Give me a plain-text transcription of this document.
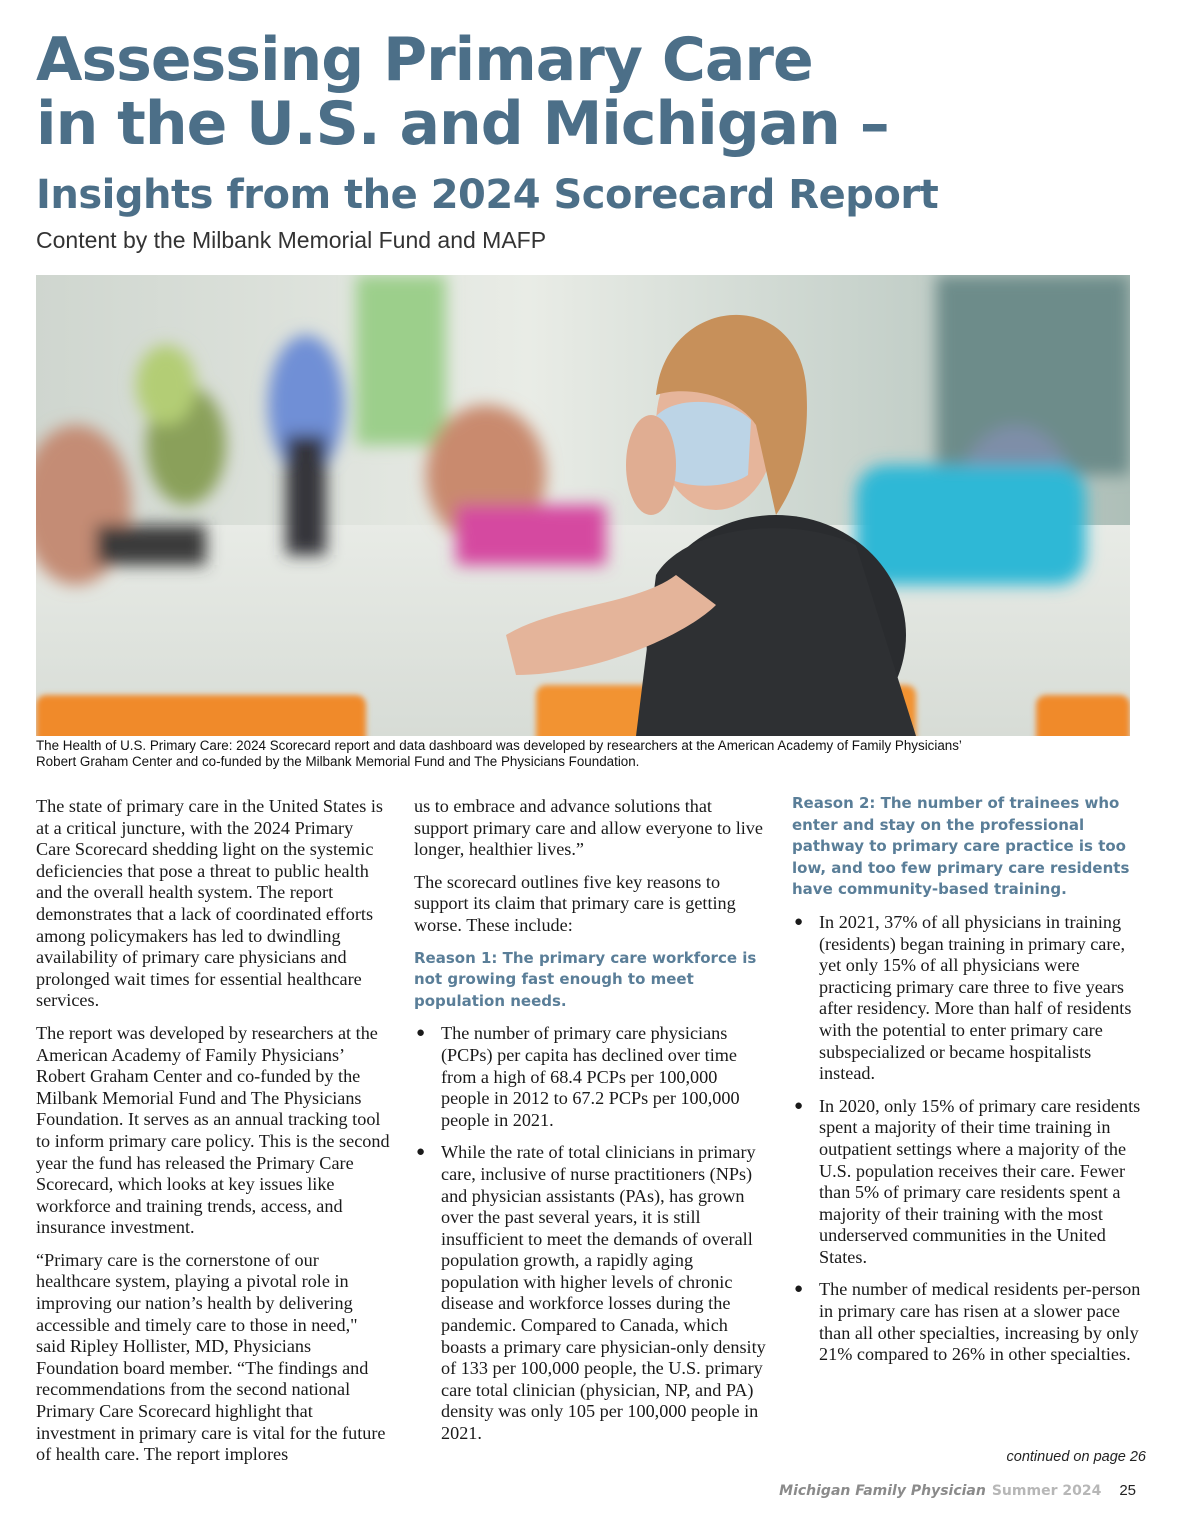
Assessing Primary Care
in the U.S. and Michigan –
Insights from the 2024 Scorecard Report

Content by the Milbank Memorial Fund and MAFP

The Health of U.S. Primary Care: 2024 Scorecard report and data dashboard was developed by researchers at the American Academy of Family Physicians’
Robert Graham Center and co-funded by the Milbank Memorial Fund and The Physicians Foundation.

The state of primary care in the United States is at a critical juncture, with the 2024 Primary Care Scorecard shedding light on the systemic deficiencies that pose a threat to public health and the overall health system. The report demonstrates that a lack of coordinated efforts among policymakers has led to dwindling availability of primary care physicians and prolonged wait times for essential healthcare services.

The report was developed by researchers at the American Academy of Family Physicians’ Robert Graham Center and co-funded by the Milbank Memorial Fund and The Physicians Foundation. It serves as an annual tracking tool to inform primary care policy. This is the second year the fund has released the Primary Care Scorecard, which looks at key issues like workforce and training trends, access, and insurance investment.

“Primary care is the cornerstone of our healthcare system, playing a pivotal role in improving our nation’s health by delivering accessible and timely care to those in need," said Ripley Hollister, MD, Physicians Foundation board member. “The findings and recommendations from the second national Primary Care Scorecard highlight that investment in primary care is vital for the future of health care. The report implores

us to embrace and advance solutions that support primary care and allow everyone to live longer, healthier lives.”

The scorecard outlines five key reasons to support its claim that primary care is getting worse. These include:

Reason 1: The primary care workforce is not growing fast enough to meet population needs.

● The number of primary care physicians (PCPs) per capita has declined over time from a high of 68.4 PCPs per 100,000 people in 2012 to 67.2 PCPs per 100,000 people in 2021.
● While the rate of total clinicians in primary care, inclusive of nurse practitioners (NPs) and physician assistants (PAs), has grown over the past several years, it is still insufficient to meet the demands of overall population growth, a rapidly aging population with higher levels of chronic disease and workforce losses during the pandemic. Compared to Canada, which boasts a primary care physician-only density of 133 per 100,000 people, the U.S. primary care total clinician (physician, NP, and PA) density was only 105 per 100,000 people in 2021.

Reason 2: The number of trainees who enter and stay on the professional pathway to primary care practice is too low, and too few primary care residents have community-based training.

● In 2021, 37% of all physicians in training (residents) began training in primary care, yet only 15% of all physicians were practicing primary care three to five years after residency. More than half of residents with the potential to enter primary care subspecialized or became hospitalists instead.
● In 2020, only 15% of primary care residents spent a majority of their time training in outpatient settings where a majority of the U.S. population receives their care. Fewer than 5% of primary care residents spent a majority of their training with the most underserved communities in the United States.
● The number of medical residents per-person in primary care has risen at a slower pace than all other specialties, increasing by only 21% compared to 26% in other specialties.

continued on page 26

Michigan Family Physician Summer 2024 25
